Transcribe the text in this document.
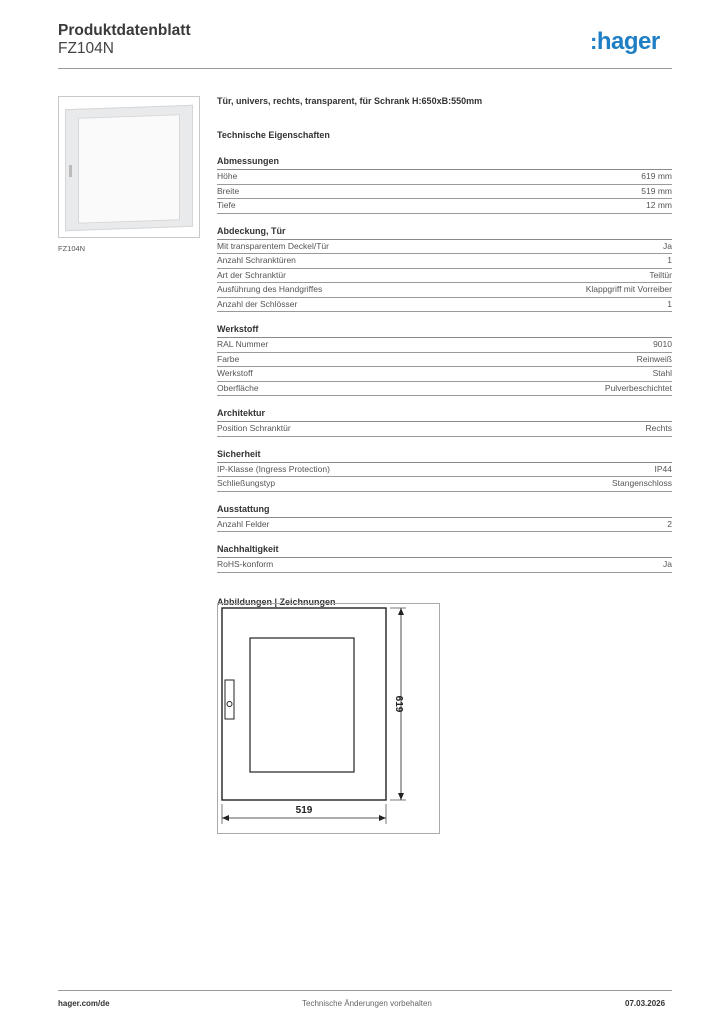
Produktdatenblatt
FZ104N	:hager
FZ104N
Tür, univers, rechts, transparent, für Schrank H:650xB:550mm
Technische Eigenschaften
Abmessungen
Höhe	619 mm
Breite	519 mm
Tiefe	12 mm
Abdeckung, Tür
Mit transparentem Deckel/Tür	Ja
Anzahl Schranktüren	1
Art der Schranktür	Teiltür
Ausführung des Handgriffes	Klappgriff mit Vorreiber
Anzahl der Schlösser	1
Werkstoff
RAL Nummer	9010
Farbe	Reinweiß
Werkstoff	Stahl
Oberfläche	Pulverbeschichtet
Architektur
Position Schranktür	Rechts
Sicherheit
IP-Klasse (Ingress Protection)	IP44
Schließungstyp	Stangenschloss
Ausstattung
Anzahl Felder	2
Nachhaltigkeit
RoHS-konform	Ja
Abbildungen | Zeichnungen
619
519
hager.com/de	Technische Änderungen vorbehalten	07.03.2026
